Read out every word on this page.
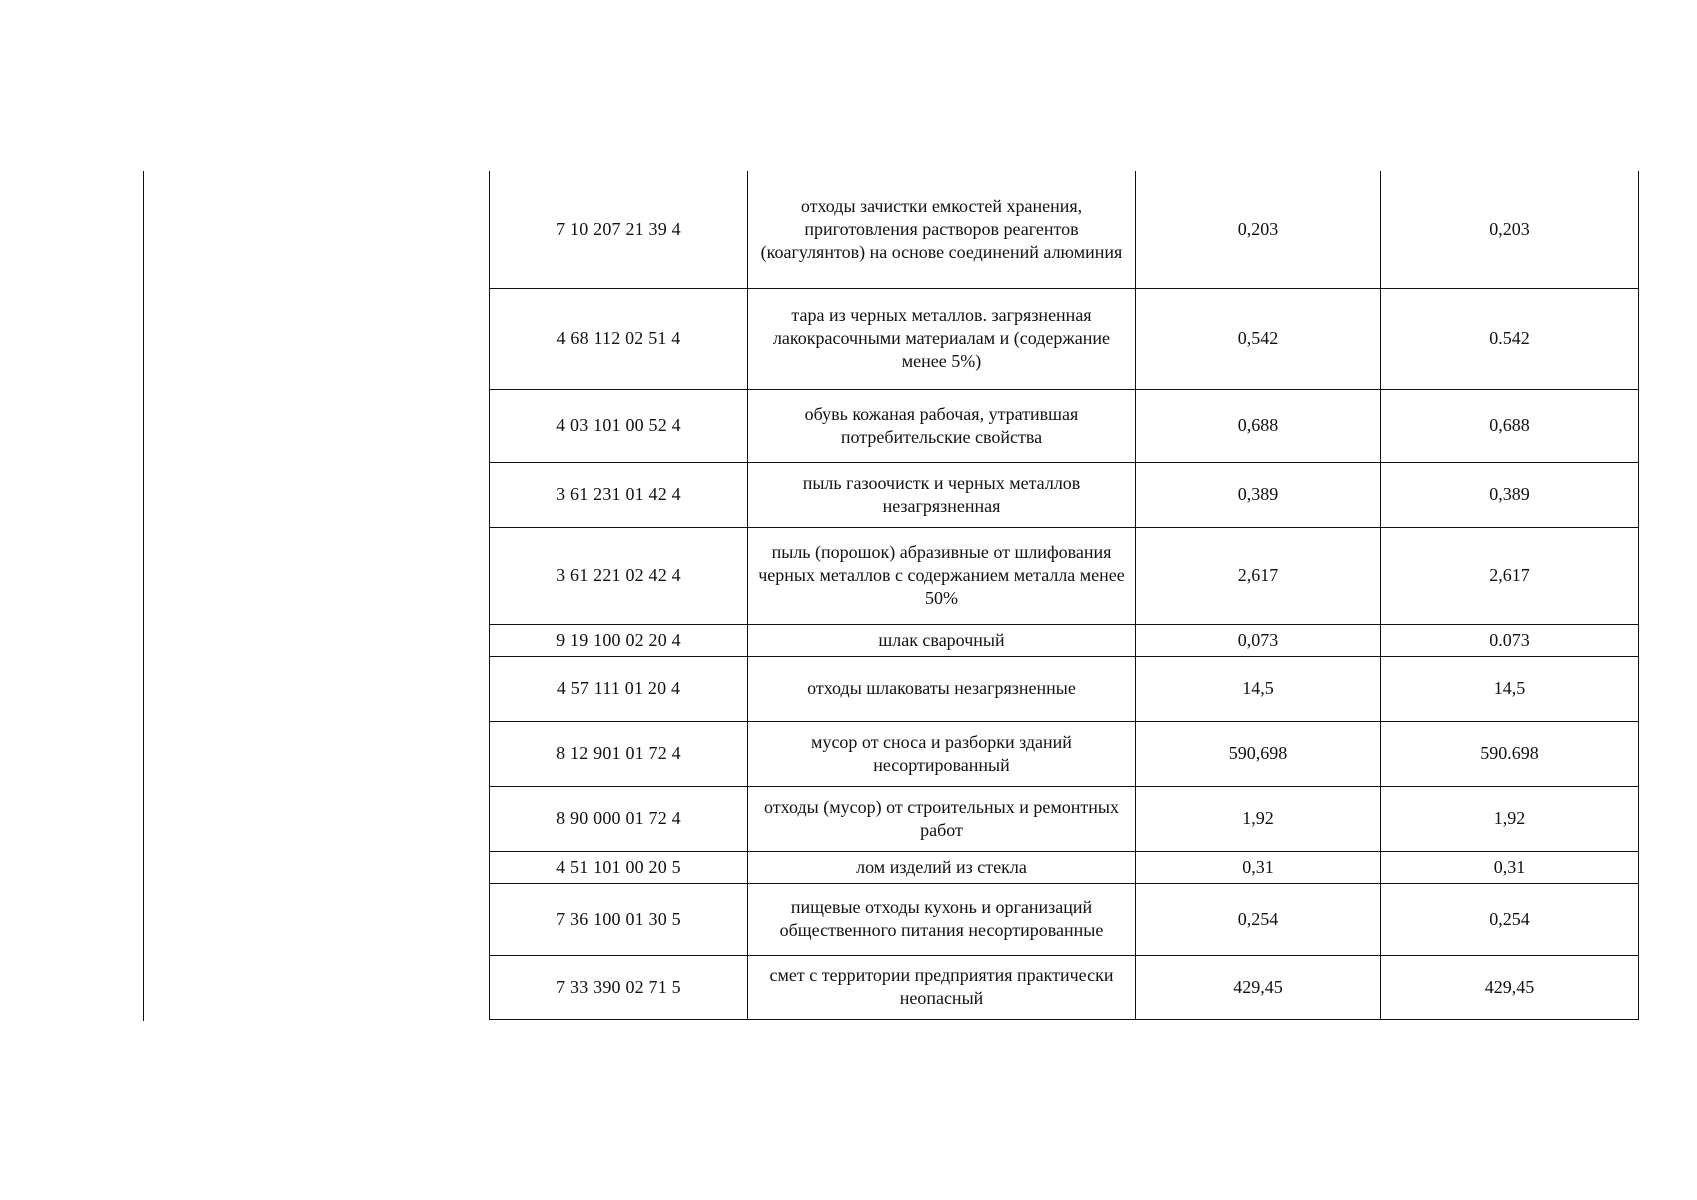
7 10 207 21 39 4	отходы зачистки емкостей хранения, приготовления растворов реагентов (коагулянтов) на основе соединений алюминия	0,203	0,203
4 68 112 02 51 4	тара из черных металлов. загрязненная лакокрасочными материалам и (содержание менее 5%)	0,542	0.542
4 03 101 00 52 4	обувь кожаная рабочая, утратившая потребительские свойства	0,688	0,688
3 61 231 01 42 4	пыль газоочистк и черных металлов незагрязненная	0,389	0,389
3 61 221 02 42 4	пыль (порошок) абразивные от шлифования черных металлов с содержанием металла менее 50%	2,617	2,617
9 19 100 02 20 4	шлак сварочный	0,073	0.073
4 57 111 01 20 4	отходы шлаковаты незагрязненные	14,5	14,5
8 12 901 01 72 4	мусор от сноса и разборки зданий несортированный	590,698	590.698
8 90 000 01 72 4	отходы (мусор) от строительных и ремонтных работ	1,92	1,92
4 51 101 00 20 5	лом изделий из стекла	0,31	0,31
7 36 100 01 30 5	пищевые отходы кухонь и организаций общественного питания несортированные	0,254	0,254
7 33 390 02 71 5	смет с территории предприятия практически неопасный	429,45	429,45
